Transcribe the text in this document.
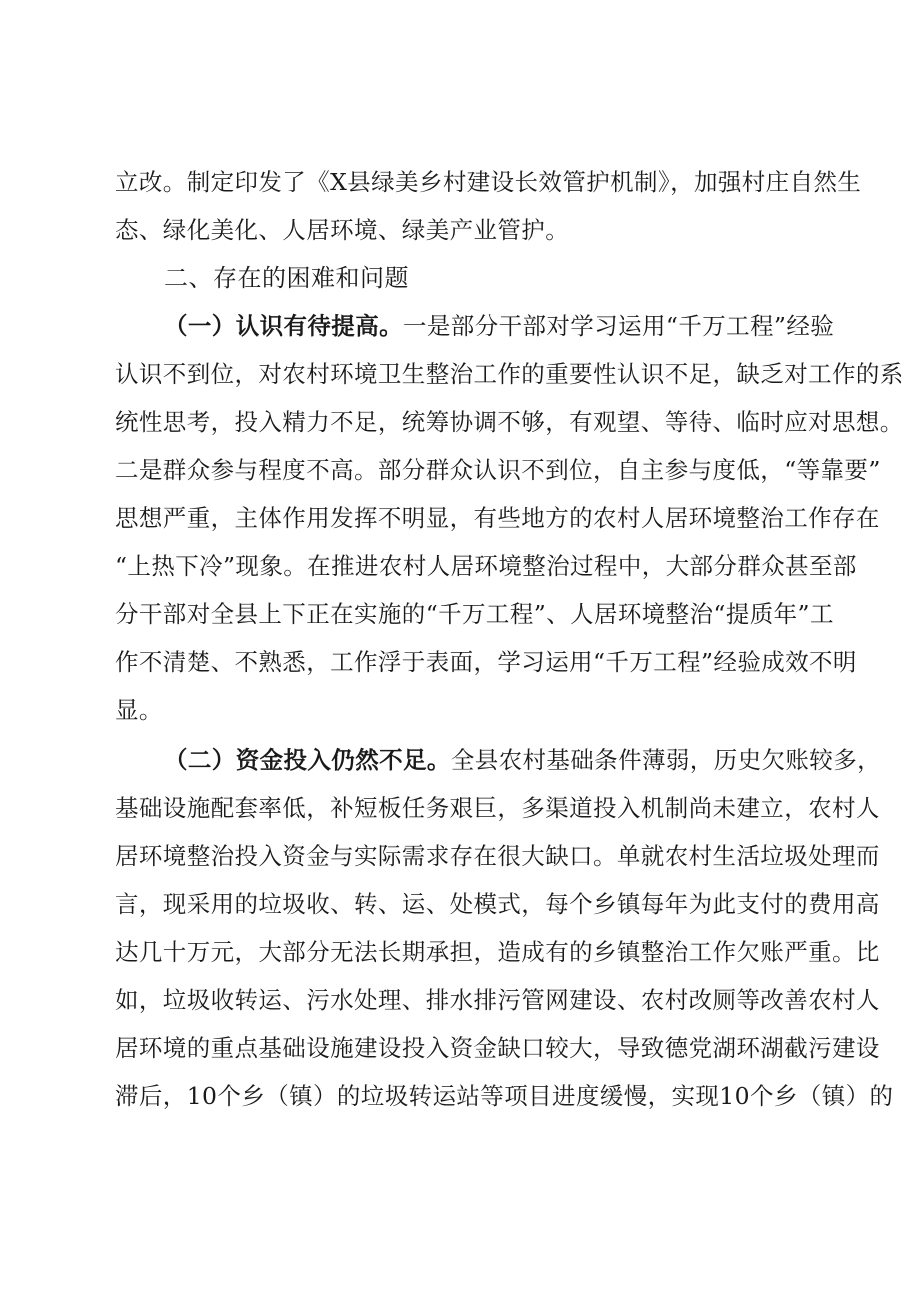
立改。制定印发了《X县绿美乡村建设长效管护机制》，加强村庄自然生
态、绿化美化、人居环境、绿美产业管护。
二、存在的困难和问题
（一）认识有待提高。一是部分干部对学习运用“千万工程”经验
认识不到位，对农村环境卫生整治工作的重要性认识不足，缺乏对工作的系
统性思考，投入精力不足，统筹协调不够，有观望、等待、临时应对思想。
二是群众参与程度不高。部分群众认识不到位，自主参与度低，“等靠要”
思想严重，主体作用发挥不明显，有些地方的农村人居环境整治工作存在
“上热下冷”现象。在推进农村人居环境整治过程中，大部分群众甚至部
分干部对全县上下正在实施的“千万工程”、人居环境整治“提质年”工
作不清楚、不熟悉，工作浮于表面，学习运用“千万工程”经验成效不明
显。
（二）资金投入仍然不足。全县农村基础条件薄弱，历史欠账较多，
基础设施配套率低，补短板任务艰巨，多渠道投入机制尚未建立，农村人
居环境整治投入资金与实际需求存在很大缺口。单就农村生活垃圾处理而
言，现采用的垃圾收、转、运、处模式，每个乡镇每年为此支付的费用高
达几十万元，大部分无法长期承担，造成有的乡镇整治工作欠账严重。比
如，垃圾收转运、污水处理、排水排污管网建设、农村改厕等改善农村人
居环境的重点基础设施建设投入资金缺口较大，导致德党湖环湖截污建设
滞后，10个乡（镇）的垃圾转运站等项目进度缓慢，实现10个乡（镇）的
